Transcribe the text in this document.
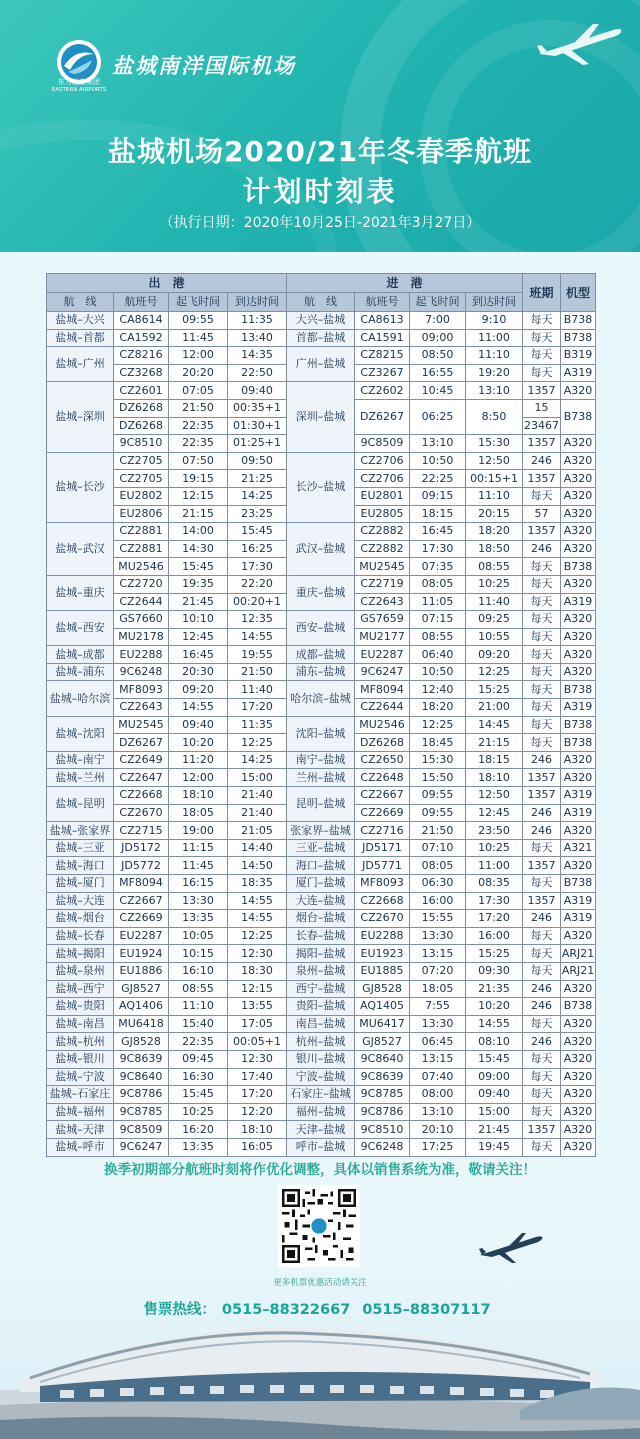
东方航空集团
EASTERN AIRPORTS
盐城南洋国际机场
盐城机场2020/21年冬春季航班
计划时刻表
（执行日期：2020年10月25日-2021年3月27日）
出　港				进　港				班期	机型
航　线	航班号	起飞时间	到达时间	航　线	航班号	起飞时间	到达时间		
盐城–大兴	CA8614	09:55	11:35	大兴–盐城	CA8613	7:00	9:10	每天	B738
盐城–首都	CA1592	11:45	13:40	首都–盐城	CA1591	09:00	11:00	每天	B738
盐城–广州	CZ8216	12:00	14:35	广州–盐城	CZ8215	08:50	11:10	每天	B319
	CZ3268	20:20	22:50		CZ3267	16:55	19:20	每天	A319
盐城–深圳	CZ2601	07:05	09:40	深圳–盐城	CZ2602	10:45	13:10	1357	A320
	DZ6268	21:50	00:35+1		DZ6267	06:25	8:50	15	B738
	DZ6268	22:35	01:30+1					23467	
	9C8510	22:35	01:25+1		9C8509	13:10	15:30	1357	A320
盐城–长沙	CZ2705	07:50	09:50	长沙–盐城	CZ2706	10:50	12:50	246	A320
	CZ2705	19:15	21:25		CZ2706	22:25	00:15+1	1357	A320
	EU2802	12:15	14:25		EU2801	09:15	11:10	每天	A320
	EU2806	21:15	23:25		EU2805	18:15	20:15	57	A320
盐城–武汉	CZ2881	14:00	15:45	武汉–盐城	CZ2882	16:45	18:20	1357	A320
	CZ2881	14:30	16:25		CZ2882	17:30	18:50	246	A320
	MU2546	15:45	17:30		MU2545	07:35	08:55	每天	B738
盐城–重庆	CZ2720	19:35	22:20	重庆–盐城	CZ2719	08:05	10:25	每天	A320
	CZ2644	21:45	00:20+1		CZ2643	11:05	11:40	每天	A319
盐城–西安	GS7660	10:10	12:35	西安–盐城	GS7659	07:15	09:25	每天	A320
	MU2178	12:45	14:55		MU2177	08:55	10:55	每天	A320
盐城–成都	EU2288	16:45	19:55	成都–盐城	EU2287	06:40	09:20	每天	A320
盐城–浦东	9C6248	20:30	21:50	浦东–盐城	9C6247	10:50	12:25	每天	A320
盐城–哈尔滨	MF8093	09:20	11:40	哈尔滨–盐城	MF8094	12:40	15:25	每天	B738
	CZ2643	14:55	17:20		CZ2644	18:20	21:00	每天	A319
盐城–沈阳	MU2545	09:40	11:35	沈阳–盐城	MU2546	12:25	14:45	每天	B738
	DZ6267	10:20	12:25		DZ6268	18:45	21:15	每天	B738
盐城–南宁	CZ2649	11:20	14:25	南宁–盐城	CZ2650	15:30	18:15	246	A320
盐城–兰州	CZ2647	12:00	15:00	兰州–盐城	CZ2648	15:50	18:10	1357	A320
盐城–昆明	CZ2668	18:10	21:40	昆明–盐城	CZ2667	09:55	12:50	1357	A319
	CZ2670	18:05	21:40		CZ2669	09:55	12:45	246	A319
盐城–张家界	CZ2715	19:00	21:05	张家界–盐城	CZ2716	21:50	23:50	246	A320
盐城–三亚	JD5172	11:15	14:40	三亚–盐城	JD5171	07:10	10:25	每天	A321
盐城–海口	JD5772	11:45	14:50	海口–盐城	JD5771	08:05	11:00	1357	A320
盐城–厦门	MF8094	16:15	18:35	厦门–盐城	MF8093	06:30	08:35	每天	B738
盐城–大连	CZ2667	13:30	14:55	大连–盐城	CZ2668	16:00	17:30	1357	A319
盐城–烟台	CZ2669	13:35	14:55	烟台–盐城	CZ2670	15:55	17:20	246	A319
盐城–长春	EU2287	10:05	12:25	长春–盐城	EU2288	13:30	16:00	每天	A320
盐城–揭阳	EU1924	10:15	12:30	揭阳–盐城	EU1923	13:15	15:25	每天	ARJ21
盐城–泉州	EU1886	16:10	18:30	泉州–盐城	EU1885	07:20	09:30	每天	ARJ21
盐城–西宁	GJ8527	08:55	12:15	西宁–盐城	GJ8528	18:05	21:35	246	A320
盐城–贵阳	AQ1406	11:10	13:55	贵阳–盐城	AQ1405	7:55	10:20	246	B738
盐城–南昌	MU6418	15:40	17:05	南昌–盐城	MU6417	13:30	14:55	每天	A320
盐城–杭州	GJ8528	22:35	00:05+1	杭州–盐城	GJ8527	06:45	08:10	246	A320
盐城–银川	9C8639	09:45	12:30	银川–盐城	9C8640	13:15	15:45	每天	A320
盐城–宁波	9C8640	16:30	17:40	宁波–盐城	9C8639	07:40	09:00	每天	A320
盐城–石家庄	9C8786	15:45	17:20	石家庄–盐城	9C8785	08:00	09:40	每天	A320
盐城–福州	9C8785	10:25	12:20	福州–盐城	9C8786	13:10	15:00	每天	A320
盐城–天津	9C8509	16:20	18:10	天津–盐城	9C8510	20:10	21:45	1357	A320
盐城–呼市	9C6247	13:35	16:05	呼市–盐城	9C6248	17:25	19:45	每天	A320
换季初期部分航班时刻将作优化调整，具体以销售系统为准，敬请关注！
更多机票优惠活动请关注
售票热线： 0515–88322667 0515–88307117
